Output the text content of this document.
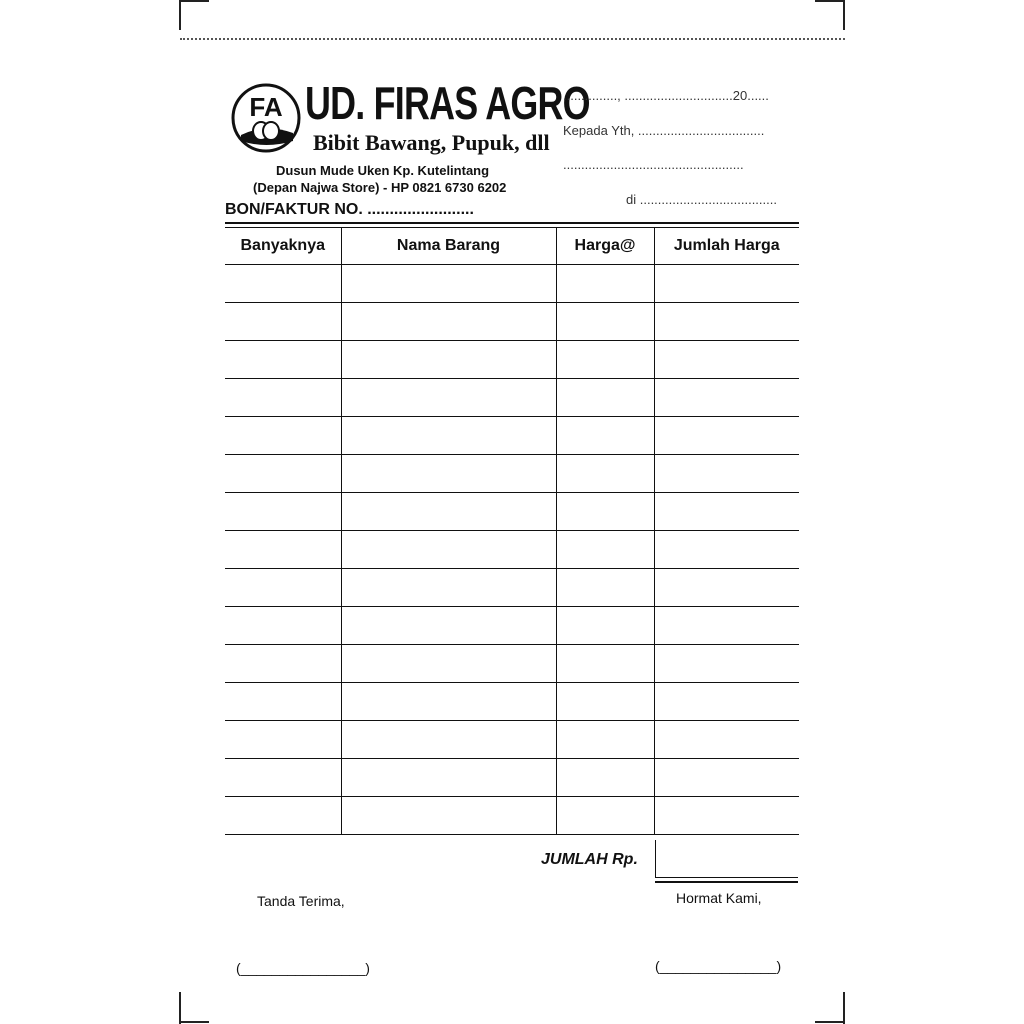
FA UD. FIRAS AGRO
Bibit Bawang, Pupuk, dll
Dusun Mude Uken Kp. Kutelintang
(Depan Najwa Store) - HP 0821 6730 6202
BON/FAKTUR NO. ........................
..............., ..............................20......
Kepada Yth, ...................................
..................................................
di ......................................
Banyaknya	Nama Barang	Harga@	Jumlah Harga

JUMLAH Rp.
Tanda Terima,	Hormat Kami,
(________________)	(_______________)
